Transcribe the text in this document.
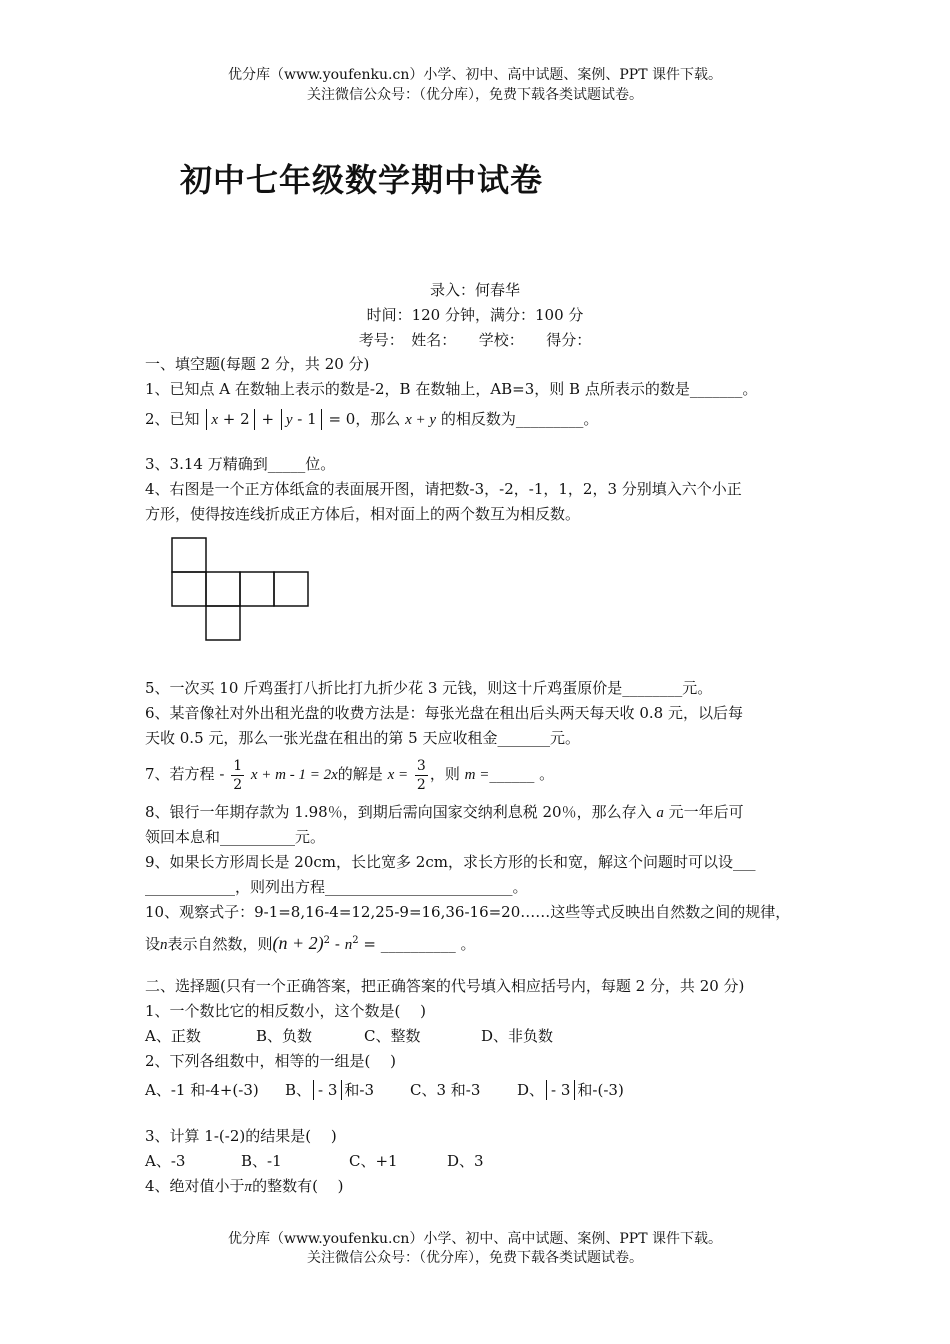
优分库（www.youfenku.cn）小学、初中、高中试题、案例、PPT 课件下载。
关注微信公众号：（优分库），免费下载各类试题试卷。
初中七年级数学期中试卷
录入：何春华
时间：120 分钟，满分：100 分
考号：　姓名：　　学校：　　得分：
一、填空题(每题 2 分，共 20 分)
1、已知点 A 在数轴上表示的数是-2，B 在数轴上，AB=3，则 B 点所表示的数是_______。
2、已知 x + 2 + y - 1 = 0，那么 x + y 的相反数为_________。
3、3.14 万精确到_____位。
4、右图是一个正方体纸盒的表面展开图，请把数-3，-2，-1，1，2，3 分别填入六个小正
方形，使得按连线折成正方体后，相对面上的两个数互为相反数。
5、一次买 10 斤鸡蛋打八折比打九折少花 3 元钱，则这十斤鸡蛋原价是________元。
6、某音像社对外出租光盘的收费方法是：每张光盘在租出后头两天每天收 0.8 元，以后每
天收 0.5 元，那么一张光盘在租出的第 5 天应收租金_______元。
7、若方程 - $\frac{1}{2}$ x + m - 1 = 2x的解是 $x = \frac{3}{2}$ ，则 m =______ 。
8、银行一年期存款为 1.98％，到期后需向国家交纳利息税 20％，那么存入 a 元一年后可
领回本息和__________元。
9、如果长方形周长是 20cm，长比宽多 2cm，求长方形的长和宽，解这个问题时可以设___
____________，则列出方程_________________________。
10、观察式子：9-1=8,16-4=12,25-9=16,36-16=20……这些等式反映出自然数之间的规律，
设n表示自然数，则$(n + 2)^2 - n^2$ = __________ 。
二、选择题(只有一个正确答案，把正确答案的代号填入相应括号内，每题 2 分，共 20 分)
1、一个数比它的相反数小，这个数是(　 )
A、正数	B、负数	C、整数	D、非负数
2、下列各组数中，相等的一组是(　 )
A、-1 和-4+(-3) B、 - 3 和-3 C、3 和-3 D、 - 3 和-(-3)
3、计算 1-(-2)的结果是(　 )
A、-3	B、-1	C、+1	D、3
4、绝对值小于π的整数有(　 )
优分库（www.youfenku.cn）小学、初中、高中试题、案例、PPT 课件下载。
关注微信公众号：（优分库），免费下载各类试题试卷。
